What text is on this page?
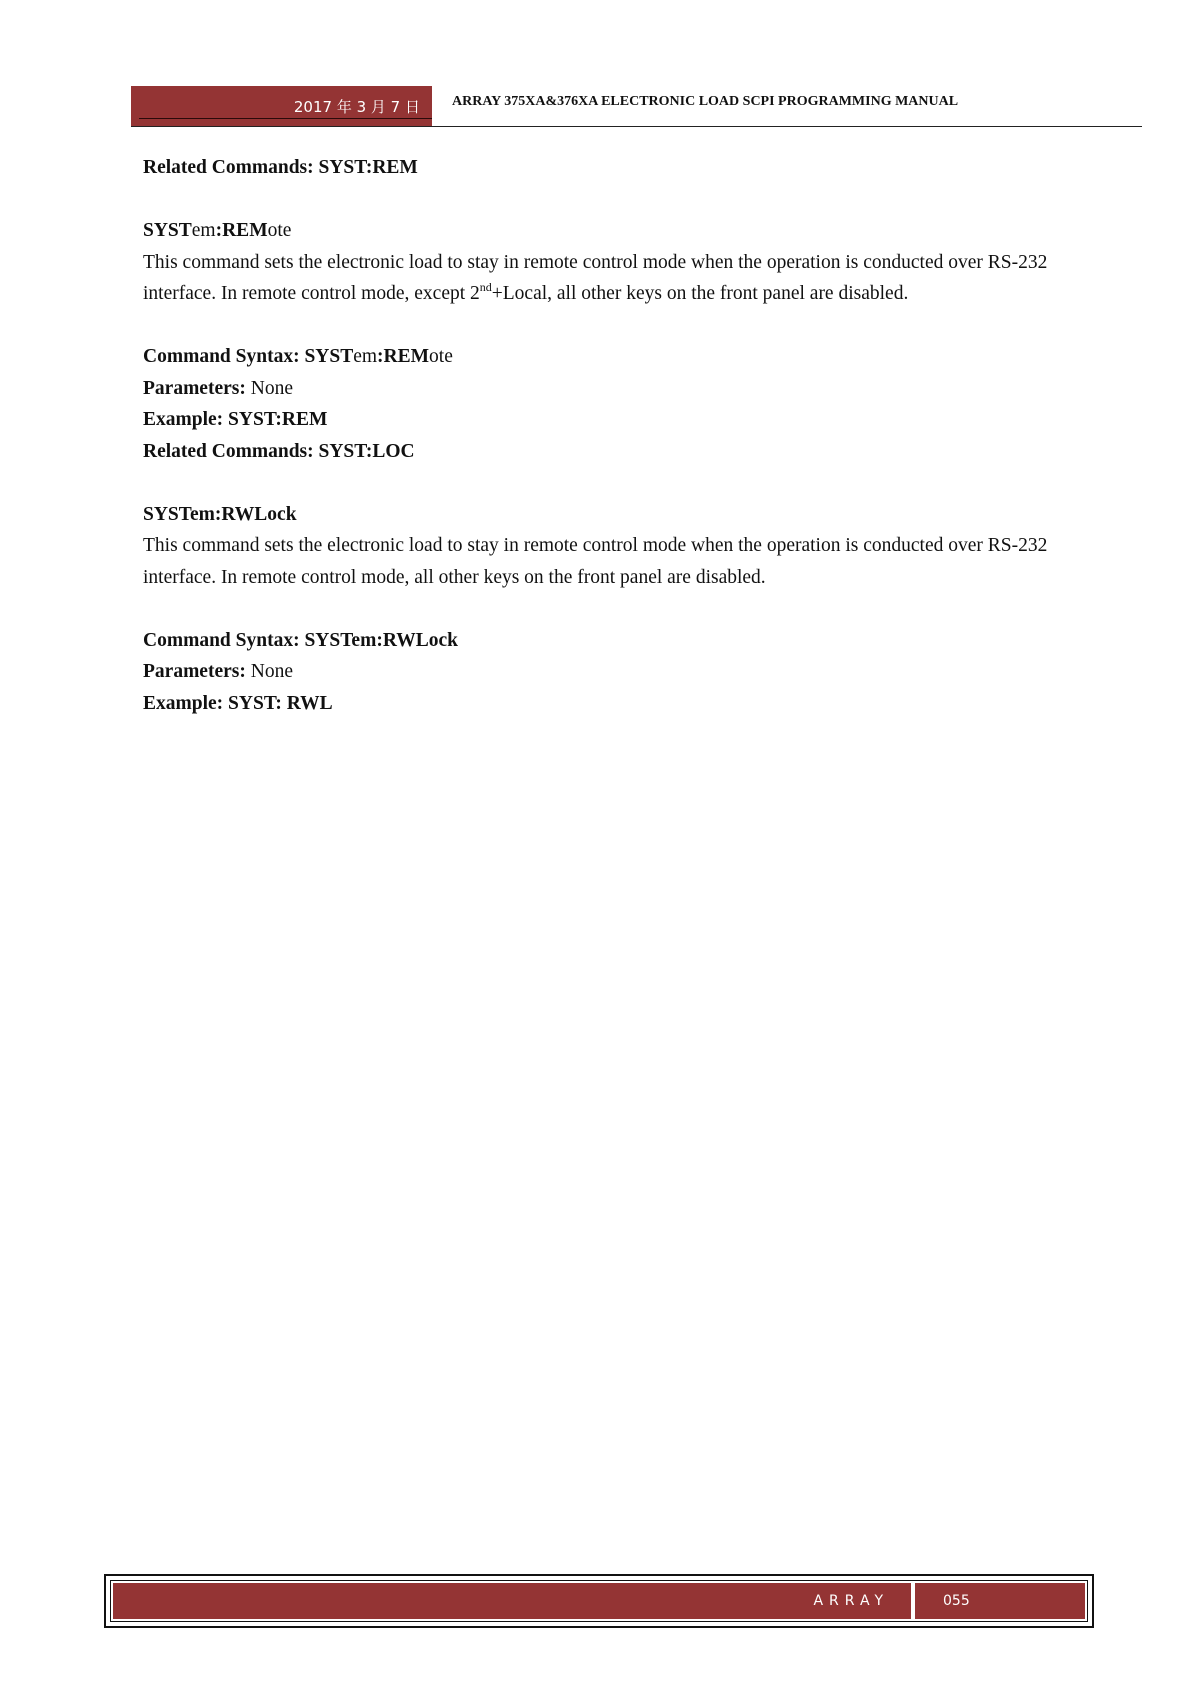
2017 年 3 月 7 日 ARRAY 375XA&376XA ELECTRONIC LOAD SCPI PROGRAMMING MANUAL

Related Commands: SYST:REM

SYSTem:REMote

This command sets the electronic load to stay in remote control mode when the operation is conducted over RS-232

interface. In remote control mode, except 2nd+Local, all other keys on the front panel are disabled.

Command Syntax: SYSTem:REMote

Parameters: None

Example: SYST:REM

Related Commands: SYST:LOC

SYSTem:RWLock

This command sets the electronic load to stay in remote control mode when the operation is conducted over RS-232

interface. In remote control mode, all other keys on the front panel are disabled.

Command Syntax: SYSTem:RWLock

Parameters: None

Example: SYST: RWL

ARRAY	055
